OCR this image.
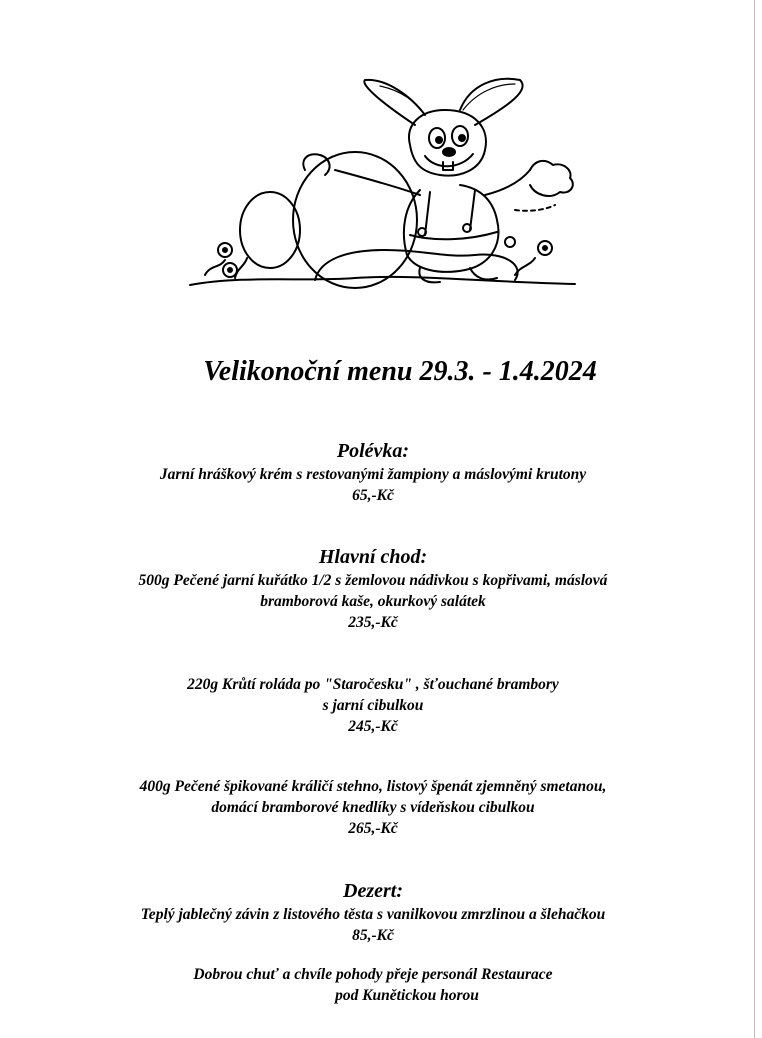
Velikonoční menu 29.3. - 1.4.2024
Polévka:
Jarní hráškový krém s restovanými žampiony a máslovými krutony
65,-Kč
Hlavní chod:
500g Pečené jarní kuřátko 1/2 s žemlovou nádivkou s kopřivami, máslová
bramborová kaše, okurkový salátek
235,-Kč
220g Krůtí roláda po "Staročesku" , šťouchané brambory
s jarní cibulkou
245,-Kč
400g Pečené špikované králičí stehno, listový špenát zjemněný smetanou,
domácí bramborové knedlíky s vídeňskou cibulkou
265,-Kč
Dezert:
Teplý jablečný závin z listového těsta s vanilkovou zmrzlinou a šlehačkou
85,-Kč
Dobrou chuť a chvíle pohody přeje personál Restaurace
pod Kunětickou horou
